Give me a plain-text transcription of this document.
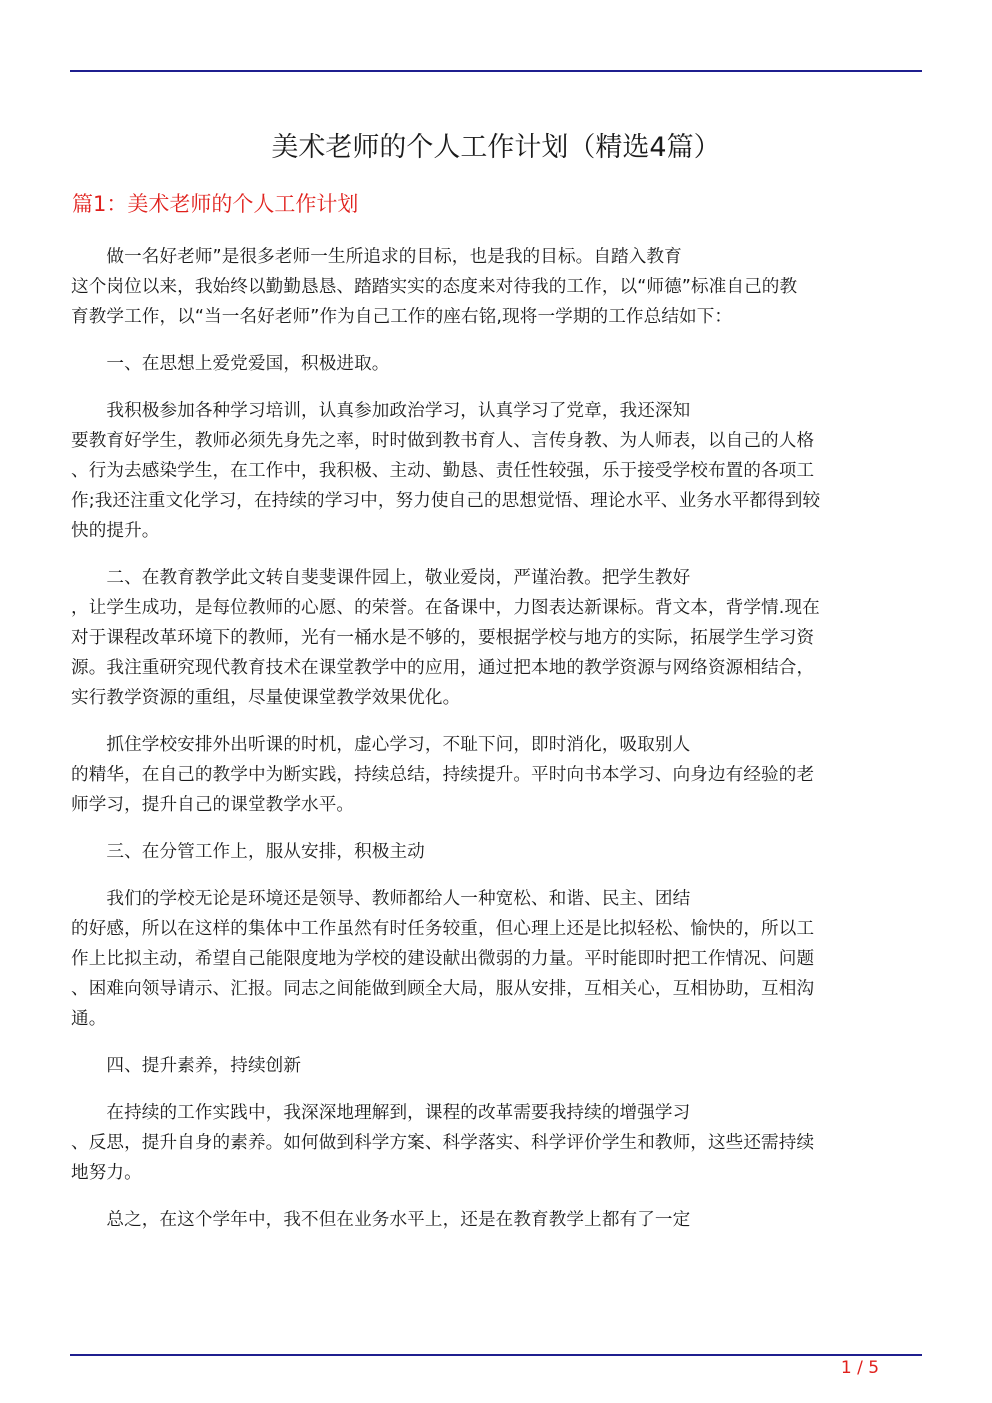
美术老师的个人工作计划（精选4篇）
篇1：美术老师的个人工作计划

　　做一名好老师”是很多老师一生所追求的目标，也是我的目标。自踏入教育
这个岗位以来，我始终以勤勤恳恳、踏踏实实的态度来对待我的工作，以“师德”标准自己的教
育教学工作，以“当一名好老师”作为自己工作的座右铭,现将一学期的工作总结如下：

　　一、在思想上爱党爱国，积极进取。

　　我积极参加各种学习培训，认真参加政治学习，认真学习了党章，我还深知
要教育好学生，教师必须先身先之率，时时做到教书育人、言传身教、为人师表，以自己的人格
、行为去感染学生，在工作中，我积极、主动、勤恳、责任性较强，乐于接受学校布置的各项工
作;我还注重文化学习，在持续的学习中，努力使自己的思想觉悟、理论水平、业务水平都得到较
快的提升。

　　二、在教育教学此文转自斐斐课件园上，敬业爱岗，严谨治教。把学生教好
，让学生成功，是每位教师的心愿、的荣誉。在备课中，力图表达新课标。背文本，背学情.现在
对于课程改革环境下的教师，光有一桶水是不够的，要根据学校与地方的实际，拓展学生学习资
源。我注重研究现代教育技术在课堂教学中的应用，通过把本地的教学资源与网络资源相结合，
实行教学资源的重组，尽量使课堂教学效果优化。

　　抓住学校安排外出听课的时机，虚心学习，不耻下问，即时消化，吸取别人
的精华，在自己的教学中为断实践，持续总结，持续提升。平时向书本学习、向身边有经验的老
师学习，提升自己的课堂教学水平。

　　三、在分管工作上，服从安排，积极主动

　　我们的学校无论是环境还是领导、教师都给人一种宽松、和谐、民主、团结
的好感，所以在这样的集体中工作虽然有时任务较重，但心理上还是比拟轻松、愉快的，所以工
作上比拟主动，希望自己能限度地为学校的建设献出微弱的力量。平时能即时把工作情况、问题
、困难向领导请示、汇报。同志之间能做到顾全大局，服从安排，互相关心，互相协助，互相沟
通。

　　四、提升素养，持续创新

　　在持续的工作实践中，我深深地理解到，课程的改革需要我持续的增强学习
、反思，提升自身的素养。如何做到科学方案、科学落实、科学评价学生和教师，这些还需持续
地努力。

　　总之，在这个学年中，我不但在业务水平上，还是在教育教学上都有了一定

1 / 5
